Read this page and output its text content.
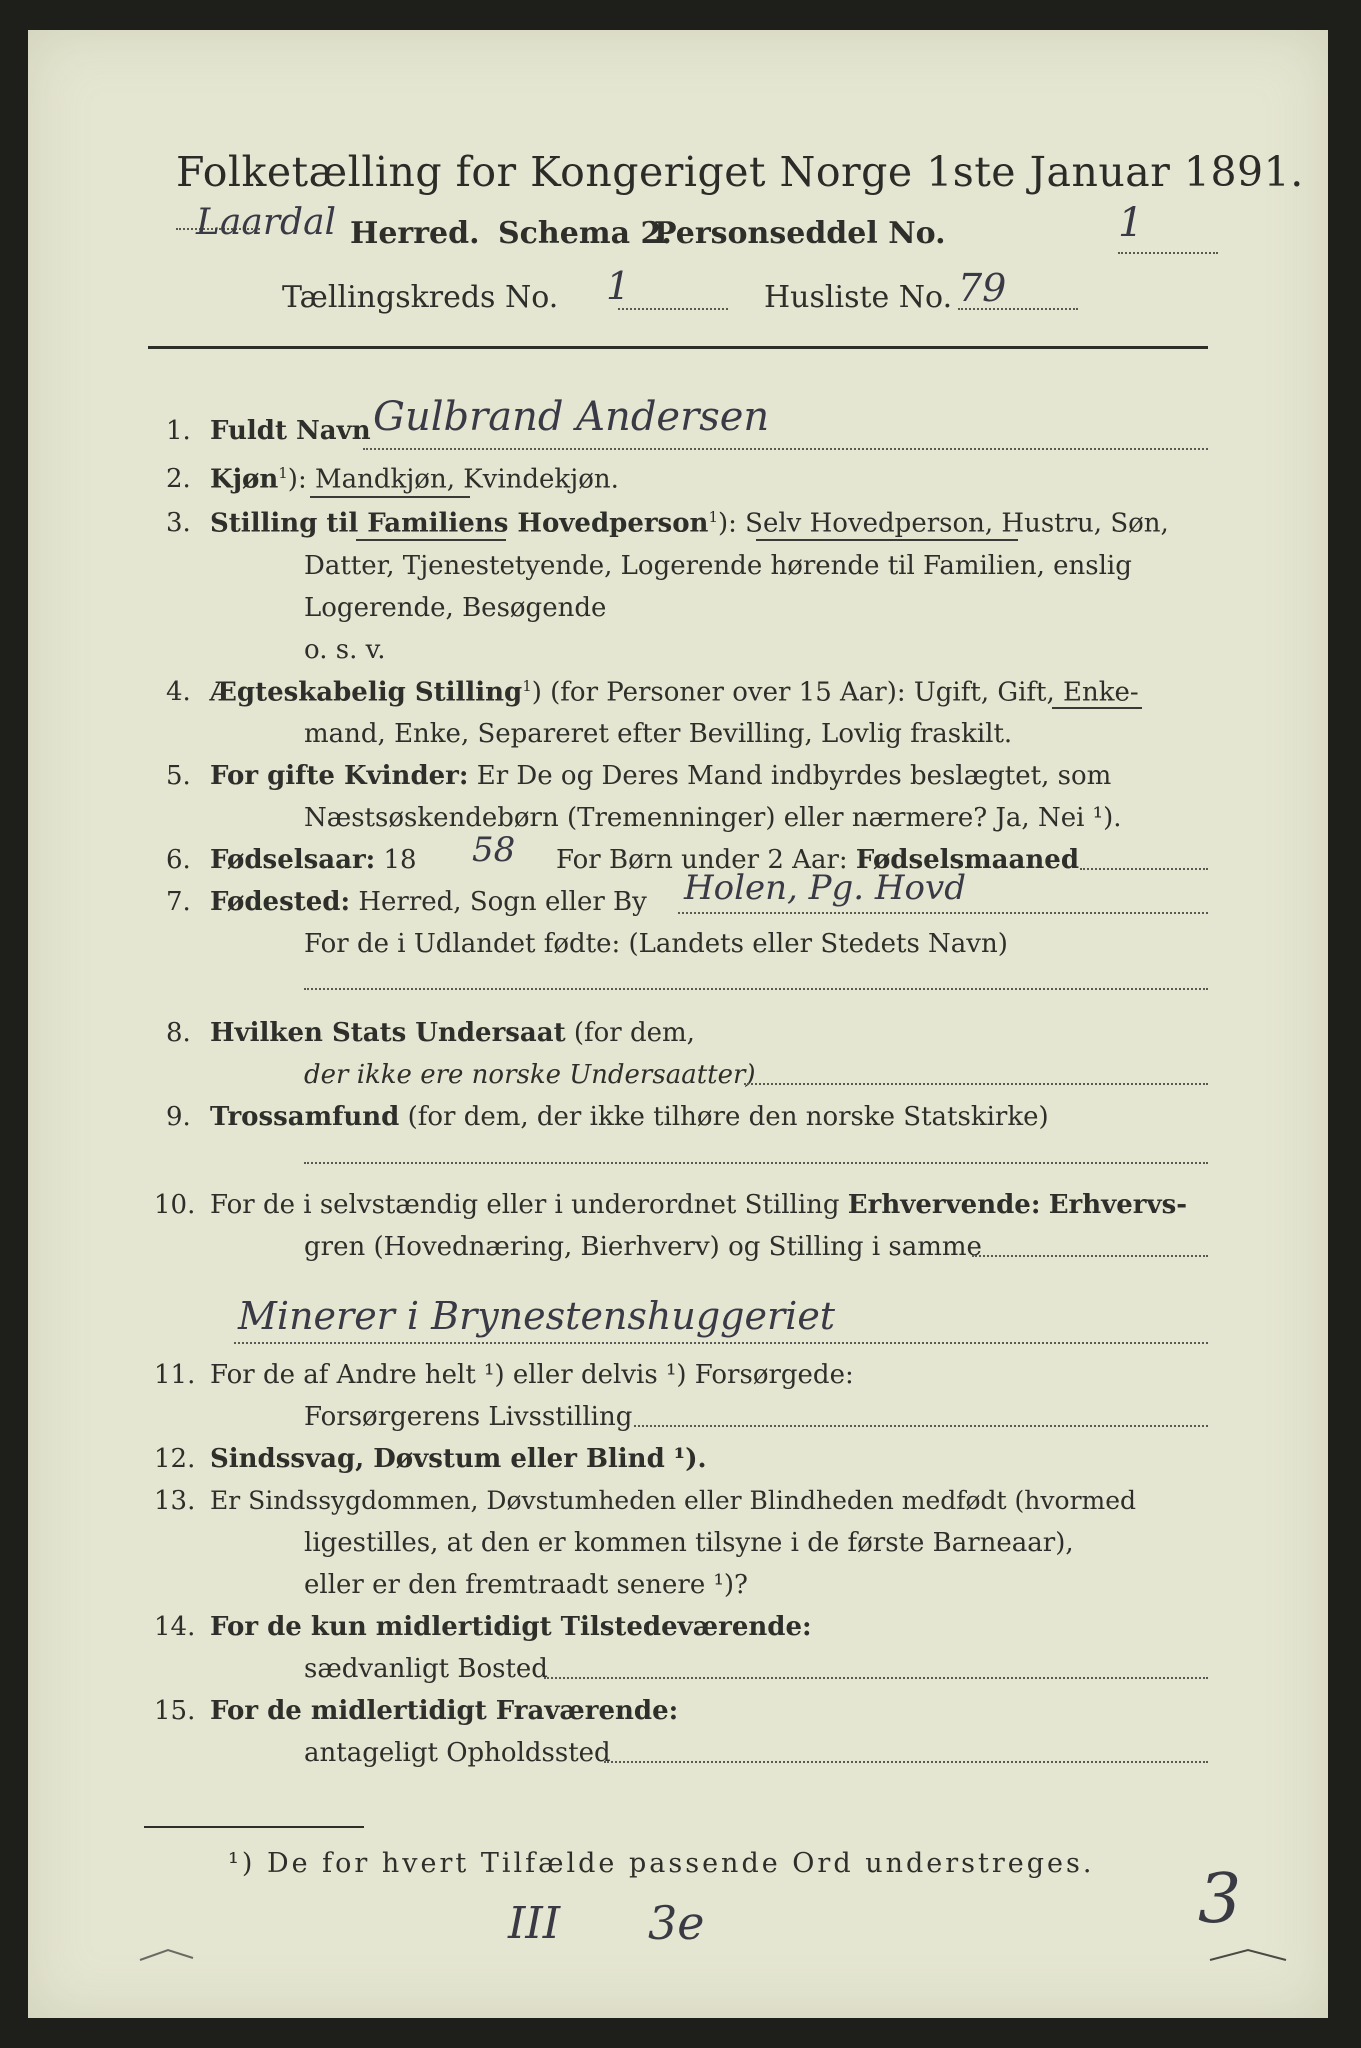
Folketælling for Kongeriget Norge 1ste Januar 1891.
Laardal Herred. Schema 2.
Personseddel No.	1
Tællingskreds No. 1	Husliste No. 79
1. Fuldt Navn Gulbrand Andersen
2. Kjøn$^1$): Mandkjøn, Kvindekjøn.
3. Stilling til Familiens Hovedperson$^1$): Selv Hovedperson, Hustru, Søn,
Datter, Tjenestetyende, Logerende hørende til Familien, enslig
Logerende, Besøgende
o. s. v.
4. Ægteskabelig Stilling$^1$) (for Personer over 15 Aar): Ugift, Gift, Enke-
mand, Enke, Separeret efter Bevilling, Lovlig fraskilt.
5. For gifte Kvinder: Er De og Deres Mand indbyrdes beslægtet, som
Næstsøskendebørn (Tremenninger) eller nærmere? Ja, Nei ¹).
6. Fødselsaar: 18 58 For Børn under 2 Aar: Fødselsmaaned
7. Fødested: Herred, Sogn eller By Holen, Pg. Hovd
For de i Udlandet fødte: (Landets eller Stedets Navn)
8. Hvilken Stats Undersaat (for dem,
der ikke ere norske Undersaatter)
9. Trossamfund (for dem, der ikke tilhøre den norske Statskirke)
10. For de i selvstændig eller i underordnet Stilling Erhvervende: Erhvervs-
gren (Hovednæring, Bierhverv) og Stilling i samme
Minerer i Brynestenshuggeriet
11. For de af Andre helt ¹) eller delvis ¹) Forsørgede:
Forsørgerens Livsstilling
12. Sindssvag, Døvstum eller Blind ¹).
13. Er Sindssygdommen, Døvstumheden eller Blindheden medfødt (hvormed
ligestilles, at den er kommen tilsyne i de første Barneaar),
eller er den fremtraadt senere ¹)?
14. For de kun midlertidigt Tilstedeværende:
sædvanligt Bosted
15. For de midlertidigt Fraværende:
antageligt Opholdssted
¹) De for hvert Tilfælde passende Ord understreges.
III 3e	3
